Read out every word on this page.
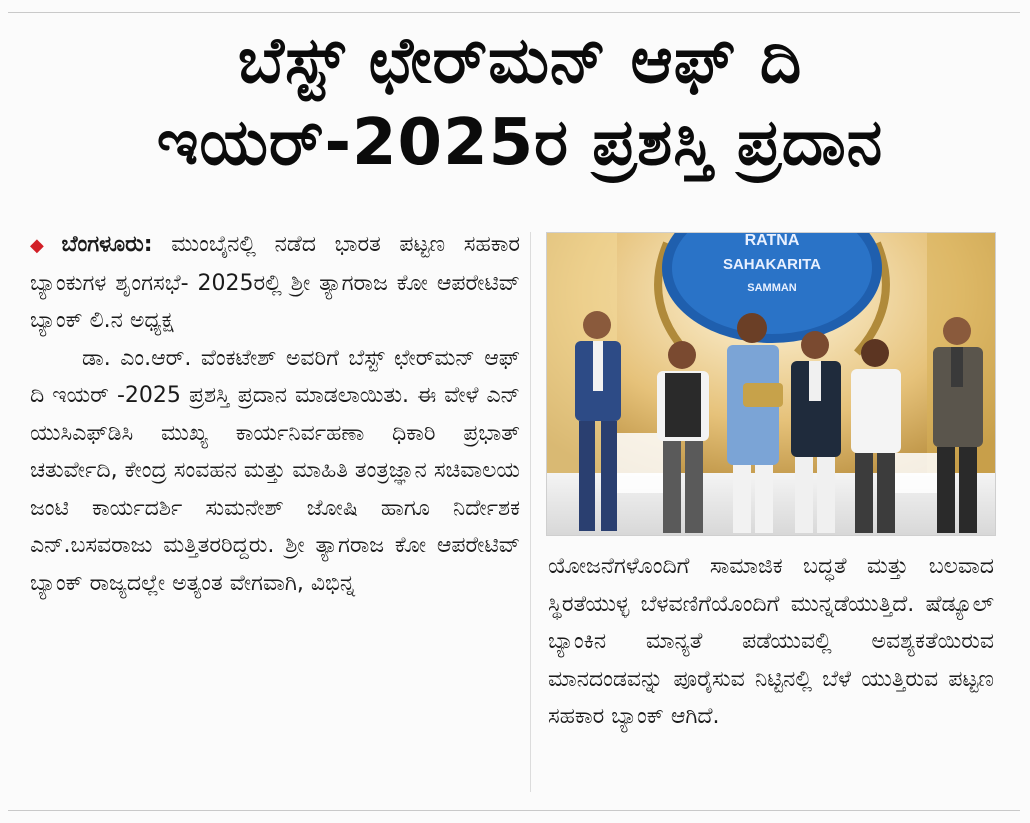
ಬೆಸ್ಟ್ ಛೇರ್‌ಮನ್ ಆಫ್ ದಿ
ಇಯರ್-2025ರ ಪ್ರಶಸ್ತಿ ಪ್ರದಾನ

◆ ಬೆಂಗಳೂರು: ಮುಂಬೈನಲ್ಲಿ ನಡೆದ ಭಾರತ ಪಟ್ಟಣ ಸಹಕಾರ ಬ್ಯಾಂಕುಗಳ ಶೃಂಗಸಭೆ- 2025ರಲ್ಲಿ ಶ್ರೀ ತ್ಯಾಗರಾಜ ಕೋ ಆಪರೇಟಿವ್ ಬ್ಯಾಂಕ್ ಲಿ.ನ ಅಧ್ಯಕ್ಷ

ಡಾ. ಎಂ.ಆರ್. ವೆಂಕಟೇಶ್ ಅವರಿಗೆ ಬೆಸ್ಟ್ ಛೇರ್‌ಮನ್ ಆಫ್ ದಿ ಇಯರ್ -2025 ಪ್ರಶಸ್ತಿ ಪ್ರದಾನ ಮಾಡಲಾಯಿತು. ಈ ವೇಳೆ ಎನ್ ಯುಸಿಎಫ್‌ಡಿಸಿ ಮುಖ್ಯ ಕಾರ್ಯನಿರ್ವಹಣಾ ಧಿಕಾರಿ ಪ್ರಭಾತ್ ಚತುರ್ವೇದಿ, ಕೇಂದ್ರ ಸಂವಹನ ಮತ್ತು ಮಾಹಿತಿ ತಂತ್ರಜ್ಞಾನ ಸಚಿವಾಲಯ ಜಂಟಿ ಕಾರ್ಯದರ್ಶಿ ಸುಮನೇಶ್ ಜೋಷಿ ಹಾಗೂ ನಿರ್ದೇಶಕ ಎನ್.ಬಸವರಾಜು ಮತ್ತಿತರರಿದ್ದರು. ಶ್ರೀ ತ್ಯಾಗರಾಜ ಕೋ ಆಪರೇಟಿವ್ ಬ್ಯಾಂಕ್ ರಾಜ್ಯದಲ್ಲೇ ಅತ್ಯಂತ ವೇಗವಾಗಿ, ವಿಭಿನ್ನ

RATNA
SAHAKARITA
SAMMAN

ಯೋಜನೆಗಳೊಂದಿಗೆ ಸಾಮಾಜಿಕ ಬದ್ಧತೆ ಮತ್ತು ಬಲವಾದ ಸ್ಥಿರತೆಯುಳ್ಳ ಬೆಳವಣಿಗೆಯೊಂದಿಗೆ ಮುನ್ನಡೆಯುತ್ತಿದೆ. ಷೆಡ್ಯೂಲ್ ಬ್ಯಾಂಕಿನ ಮಾನ್ಯತೆ ಪಡೆಯುವಲ್ಲಿ ಅವಶ್ಯಕತೆಯಿರುವ ಮಾನದಂಡವನ್ನು ಪೂರೈಸುವ ನಿಟ್ಟಿನಲ್ಲಿ ಬೆಳೆ ಯುತ್ತಿರುವ ಪಟ್ಟಣ ಸಹಕಾರ ಬ್ಯಾಂಕ್ ಆಗಿದೆ.
